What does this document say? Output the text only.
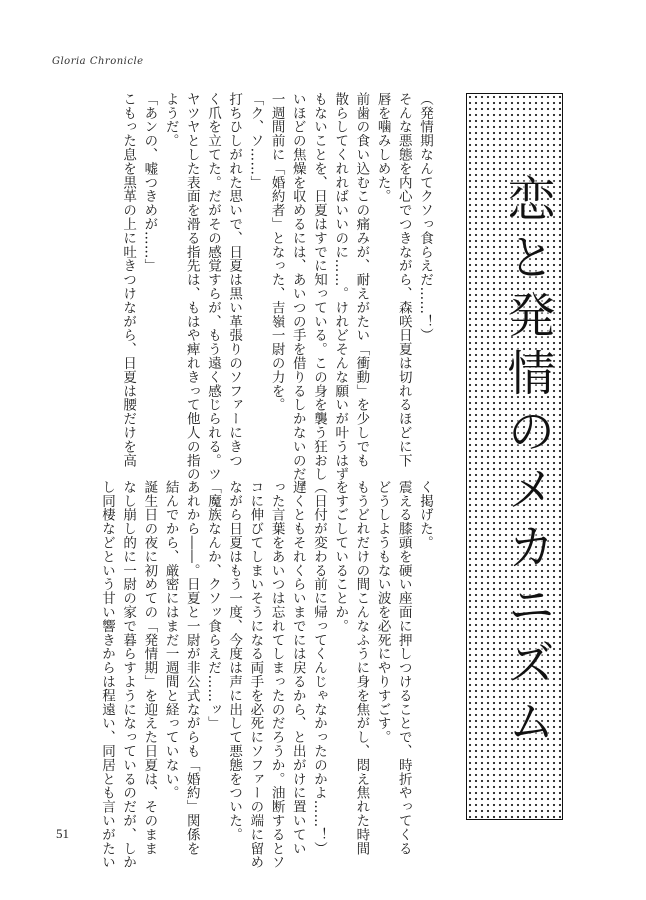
Gloria Chronicle
恋と発情のメカニズム
（発情期なんてクソっ食らえだ……！）
そんな悪態を内心でつきながら、森咲日夏は切れるほどに下
唇を噛みしめた。
前歯の食い込むこの痛みが、耐えがたい「衝動」を少しでも
散らしてくれればいいのに……。けれどそんな願いが叶うはず
もないことを、日夏はすでに知っている。この身を襲う狂おし
いほどの焦燥を収めるには、あいつの手を借りるしかないのだ。
一週間前に「婚約者」となった、吉嶺一尉の力を。
「ク、ソ……」
打ちひしがれた思いで、日夏は黒い革張りのソファーにきつ
く爪を立てた。だがその感覚すらが、もう遠く感じられる。ツ
ヤツヤとした表面を滑る指先は、もはや痺れきって他人の指の
ようだ。
「あンの、嘘つきめが……」
こもった息を黒革の上に吐きつけながら、日夏は腰だけを高
く掲げた。
震える膝頭を硬い座面に押しつけることで、時折やってくる
どうしようもない波を必死にやりすごす。
もうどれだけの間こんなふうに身を焦がし、悶え焦れた時間
をすごしていることか。
（日付が変わる前に帰ってくんじゃなかったのかよ……！）
遅くともそれくらいまでには戻るから、と出がけに置いてい
った言葉をあいつは忘れてしまったのだろうか。油断するとソ
コに伸びてしまいそうになる両手を必死にソファーの端に留め
ながら日夏はもう一度、今度は声に出して悪態をついた。
「魔族なんか、クソッ食らえだ……ッ」
あれから――。日夏と一尉が非公式ながらも「婚約」関係を
結んでから、厳密にはまだ一週間と経っていない。
誕生日の夜に初めての「発情期」を迎えた日夏は、そのまま
なし崩し的に一尉の家で暮らすようになっているのだが、しか
し同棲などという甘い響きからは程遠い、同居とも言いがたい
51
